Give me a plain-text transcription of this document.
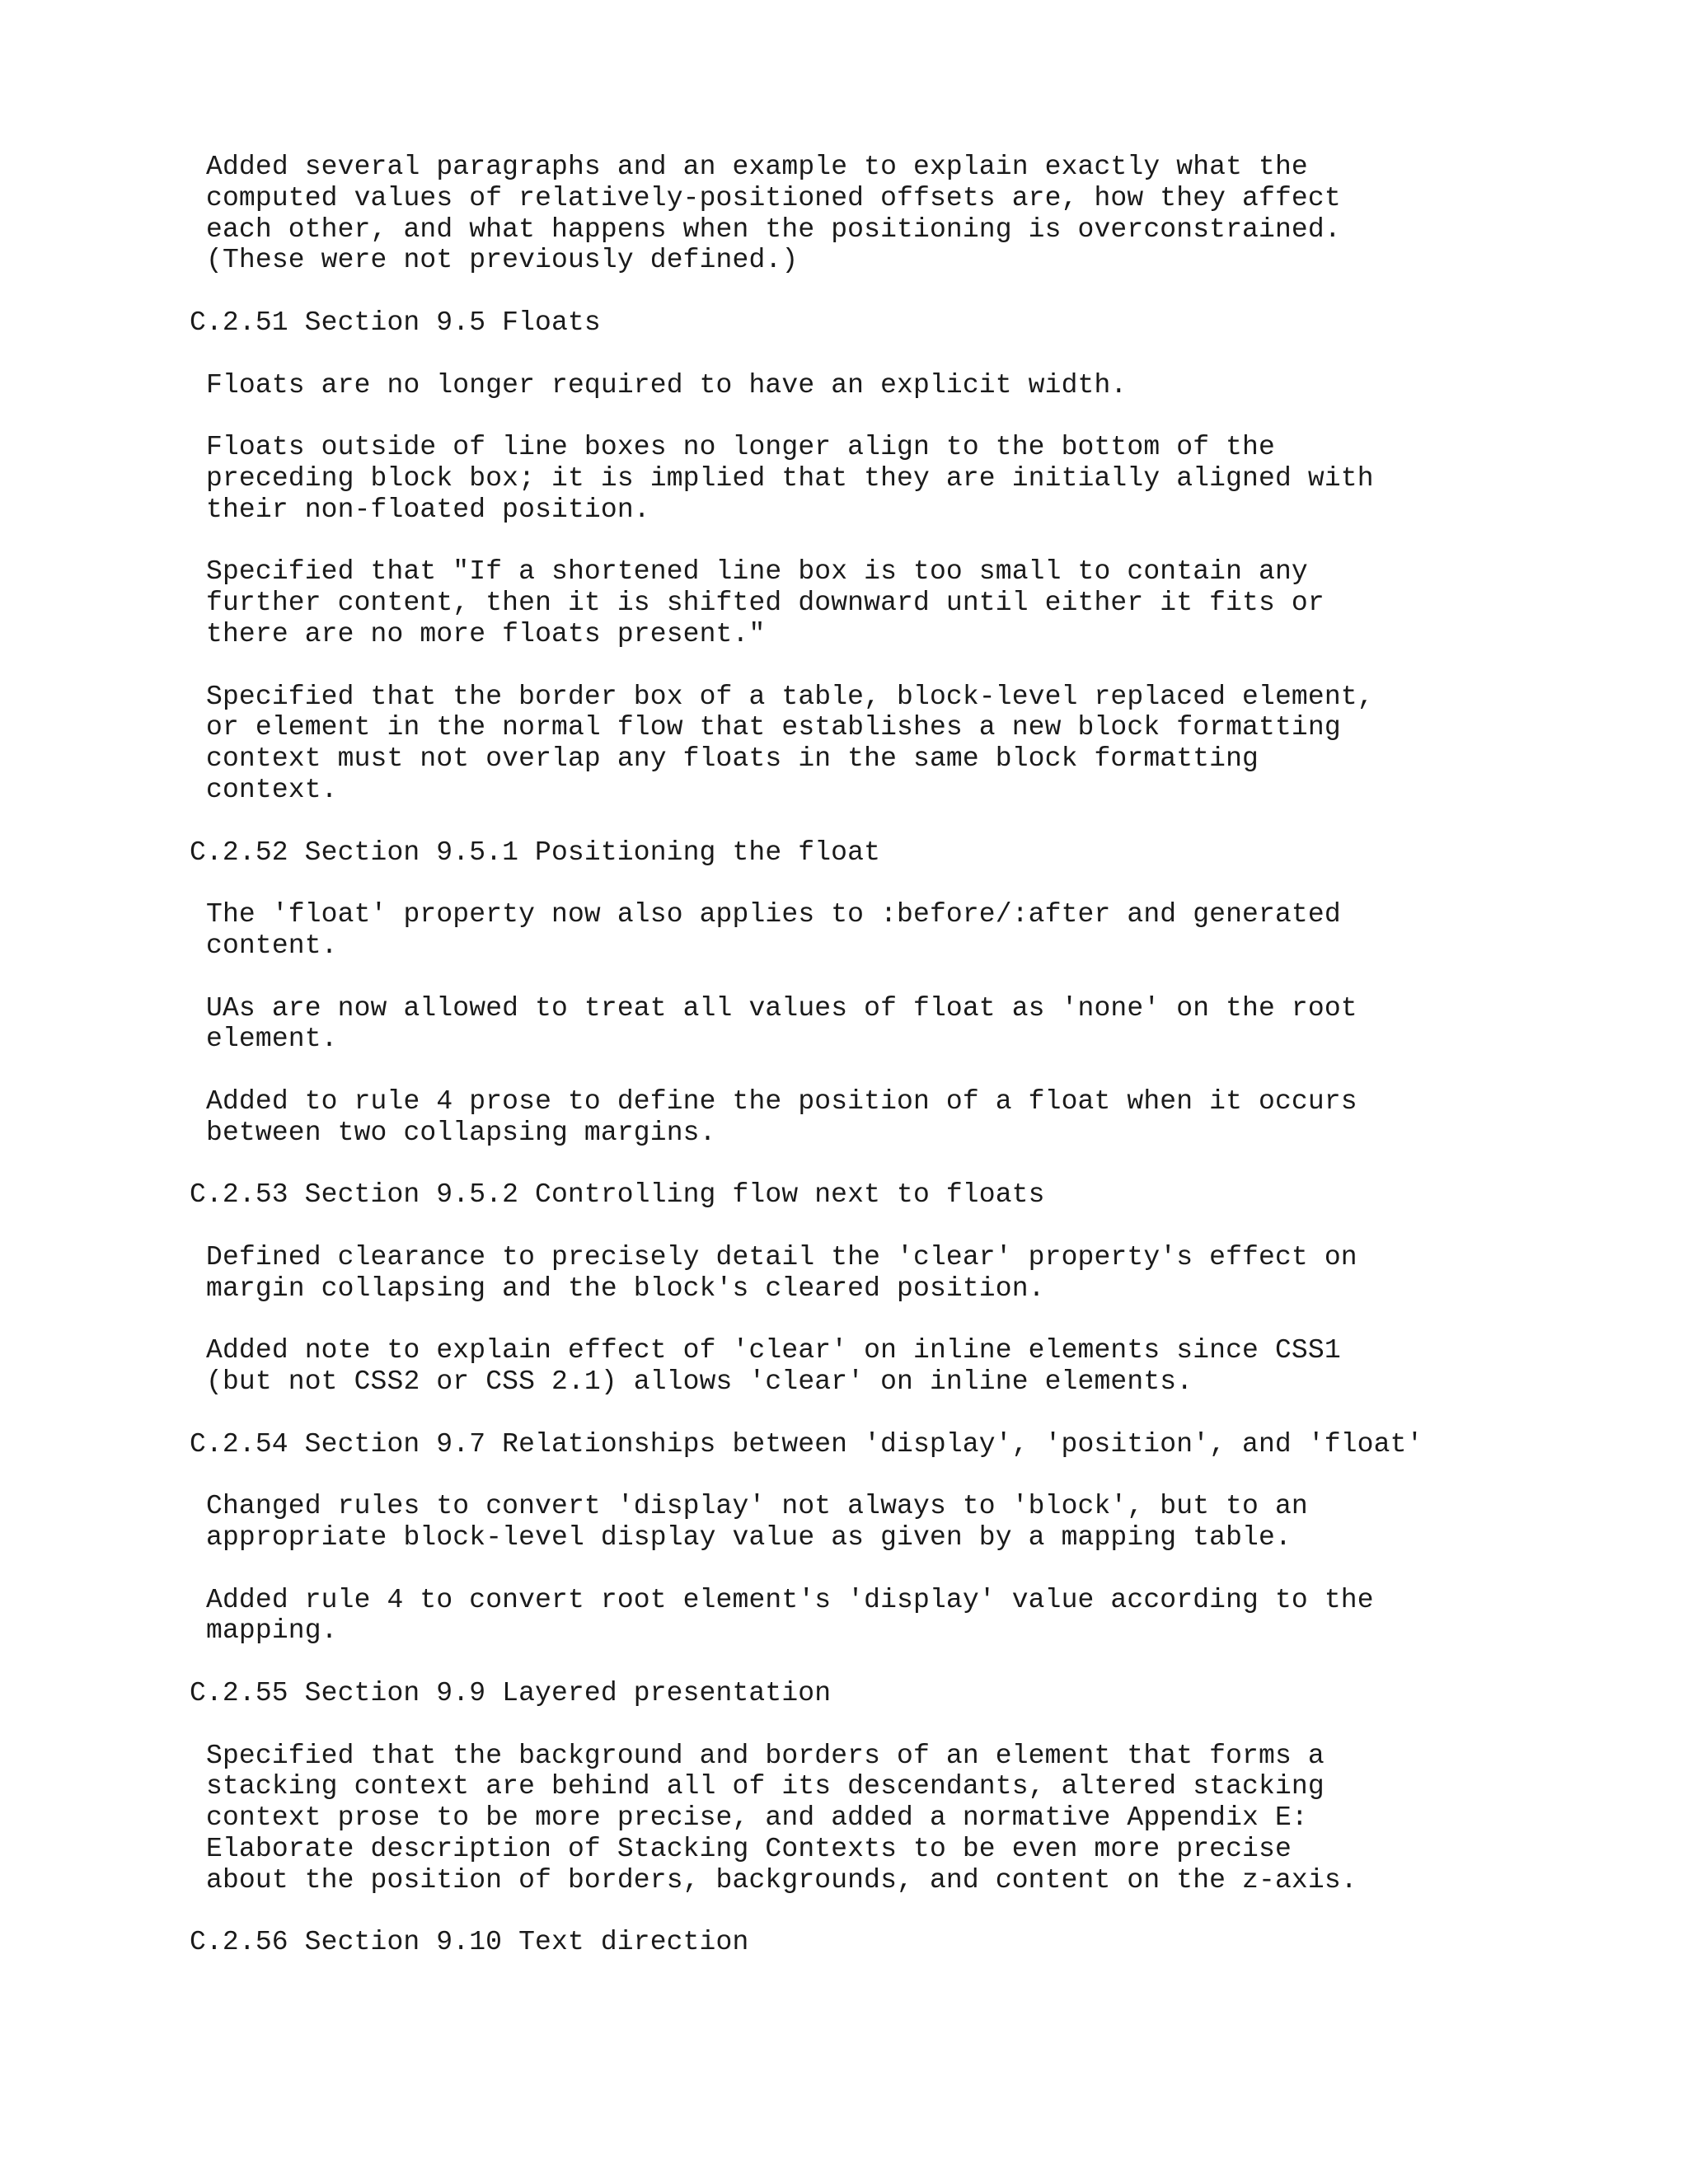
Added several paragraphs and an example to explain exactly what the
computed values of relatively-positioned offsets are, how they affect
each other, and what happens when the positioning is overconstrained.
(These were not previously defined.)
C.2.51 Section 9.5 Floats
Floats are no longer required to have an explicit width.
Floats outside of line boxes no longer align to the bottom of the
preceding block box; it is implied that they are initially aligned with
their non-floated position.
Specified that "If a shortened line box is too small to contain any
further content, then it is shifted downward until either it fits or
there are no more floats present."
Specified that the border box of a table, block-level replaced element,
or element in the normal flow that establishes a new block formatting
context must not overlap any floats in the same block formatting
context.
C.2.52 Section 9.5.1 Positioning the float
The 'float' property now also applies to :before/:after and generated
content.
UAs are now allowed to treat all values of float as 'none' on the root
element.
Added to rule 4 prose to define the position of a float when it occurs
between two collapsing margins.
C.2.53 Section 9.5.2 Controlling flow next to floats
Defined clearance to precisely detail the 'clear' property's effect on
margin collapsing and the block's cleared position.
Added note to explain effect of 'clear' on inline elements since CSS1
(but not CSS2 or CSS 2.1) allows 'clear' on inline elements.
C.2.54 Section 9.7 Relationships between 'display', 'position', and 'float'
Changed rules to convert 'display' not always to 'block', but to an
appropriate block-level display value as given by a mapping table.
Added rule 4 to convert root element's 'display' value according to the
mapping.
C.2.55 Section 9.9 Layered presentation
Specified that the background and borders of an element that forms a
stacking context are behind all of its descendants, altered stacking
context prose to be more precise, and added a normative Appendix E:
Elaborate description of Stacking Contexts to be even more precise
about the position of borders, backgrounds, and content on the z-axis.
C.2.56 Section 9.10 Text direction
